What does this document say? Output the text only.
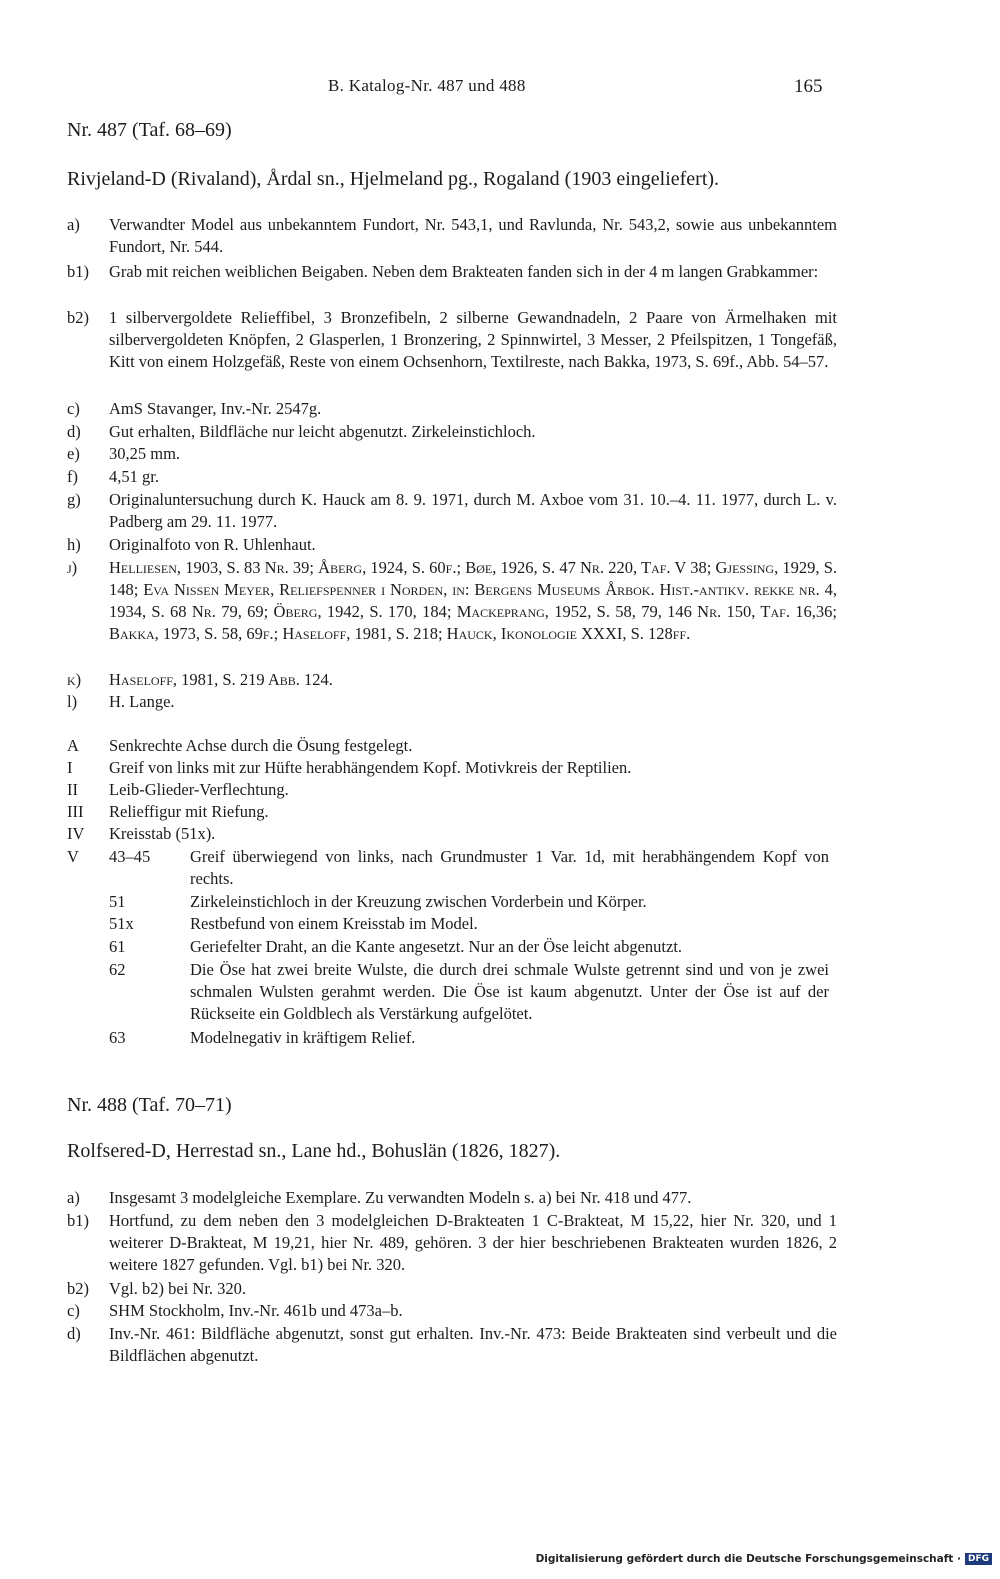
B. Katalog-Nr. 487 und 488	165
Nr. 487 (Taf. 68–69)
Rivjeland-D (Rivaland), Årdal sn., Hjelmeland pg., Rogaland (1903 eingeliefert).
a) Verwandter Model aus unbekanntem Fundort, Nr. 543,1, und Ravlunda, Nr. 543,2, sowie aus unbekanntem Fundort, Nr. 544.
b1) Grab mit reichen weiblichen Beigaben. Neben dem Brakteaten fanden sich in der 4 m langen Grabkammer:
b2) 1 silbervergoldete Relieffibel, 3 Bronzefibeln, 2 silberne Gewandnadeln, 2 Paare von Ärmelhaken mit silbervergoldeten Knöpfen, 2 Glasperlen, 1 Bronzering, 2 Spinnwirtel, 3 Messer, 2 Pfeilspitzen, 1 Tongefäß, Kitt von einem Holzgefäß, Reste von einem Ochsenhorn, Textilreste, nach Bakka, 1973, S. 69f., Abb. 54–57.
c) AmS Stavanger, Inv.-Nr. 2547g.
d) Gut erhalten, Bildfläche nur leicht abgenutzt. Zirkeleinstichloch.
e) 30,25 mm.
f) 4,51 gr.
g) Originaluntersuchung durch K. Hauck am 8. 9. 1971, durch M. Axboe vom 31. 10.–4. 11. 1977, durch L. v. Padberg am 29. 11. 1977.
h) Originalfoto von R. Uhlenhaut.
j) Helliesen, 1903, S. 83 Nr. 39; Åberg, 1924, S. 60f.; Bøe, 1926, S. 47 Nr. 220, Taf. V 38; Gjessing, 1929, S. 148; Eva Nissen Meyer, Reliefspenner i Norden, in: Bergens Museums Årbok. Hist.-antikv. rekke nr. 4, 1934, S. 68 Nr. 79, 69; Öberg, 1942, S. 170, 184; Mackeprang, 1952, S. 58, 79, 146 Nr. 150, Taf. 16,36; Bakka, 1973, S. 58, 69f.; Haseloff, 1981, S. 218; Hauck, Ikonologie XXXI, S. 128ff.
k) Haseloff, 1981, S. 219 Abb. 124.
l) H. Lange.
A Senkrechte Achse durch die Ösung festgelegt.
I Greif von links mit zur Hüfte herabhängendem Kopf. Motivkreis der Reptilien.
II Leib-Glieder-Verflechtung.
III Relieffigur mit Riefung.
IV Kreisstab (51x).
V 43–45 Greif überwiegend von links, nach Grundmuster 1 Var. 1d, mit herabhängendem Kopf von rechts.
51	Zirkeleinstichloch in der Kreuzung zwischen Vorderbein und Körper.
51x	Restbefund von einem Kreisstab im Model.
61	Geriefelter Draht, an die Kante angesetzt. Nur an der Öse leicht abgenutzt.
62	Die Öse hat zwei breite Wulste, die durch drei schmale Wulste getrennt sind und von je zwei schmalen Wulsten gerahmt werden. Die Öse ist kaum abgenutzt. Unter der Öse ist auf der Rückseite ein Goldblech als Verstärkung aufgelötet.
63	Modelnegativ in kräftigem Relief.
Nr. 488 (Taf. 70–71)
Rolfsered-D, Herrestad sn., Lane hd., Bohuslän (1826, 1827).
a) Insgesamt 3 modelgleiche Exemplare. Zu verwandten Modeln s. a) bei Nr. 418 und 477.
b1) Hortfund, zu dem neben den 3 modelgleichen D-Brakteaten 1 C-Brakteat, M 15,22, hier Nr. 320, und 1 weiterer D-Brakteat, M 19,21, hier Nr. 489, gehören. 3 der hier beschriebenen Brakteaten wurden 1826, 2 weitere 1827 gefunden. Vgl. b1) bei Nr. 320.
b2) Vgl. b2) bei Nr. 320.
c) SHM Stockholm, Inv.-Nr. 461b und 473a–b.
d) Inv.-Nr. 461: Bildfläche abgenutzt, sonst gut erhalten. Inv.-Nr. 473: Beide Brakteaten sind verbeult und die Bildflächen abgenutzt.
Digitalisierung gefördert durch die Deutsche Forschungsgemeinschaft · DFG
